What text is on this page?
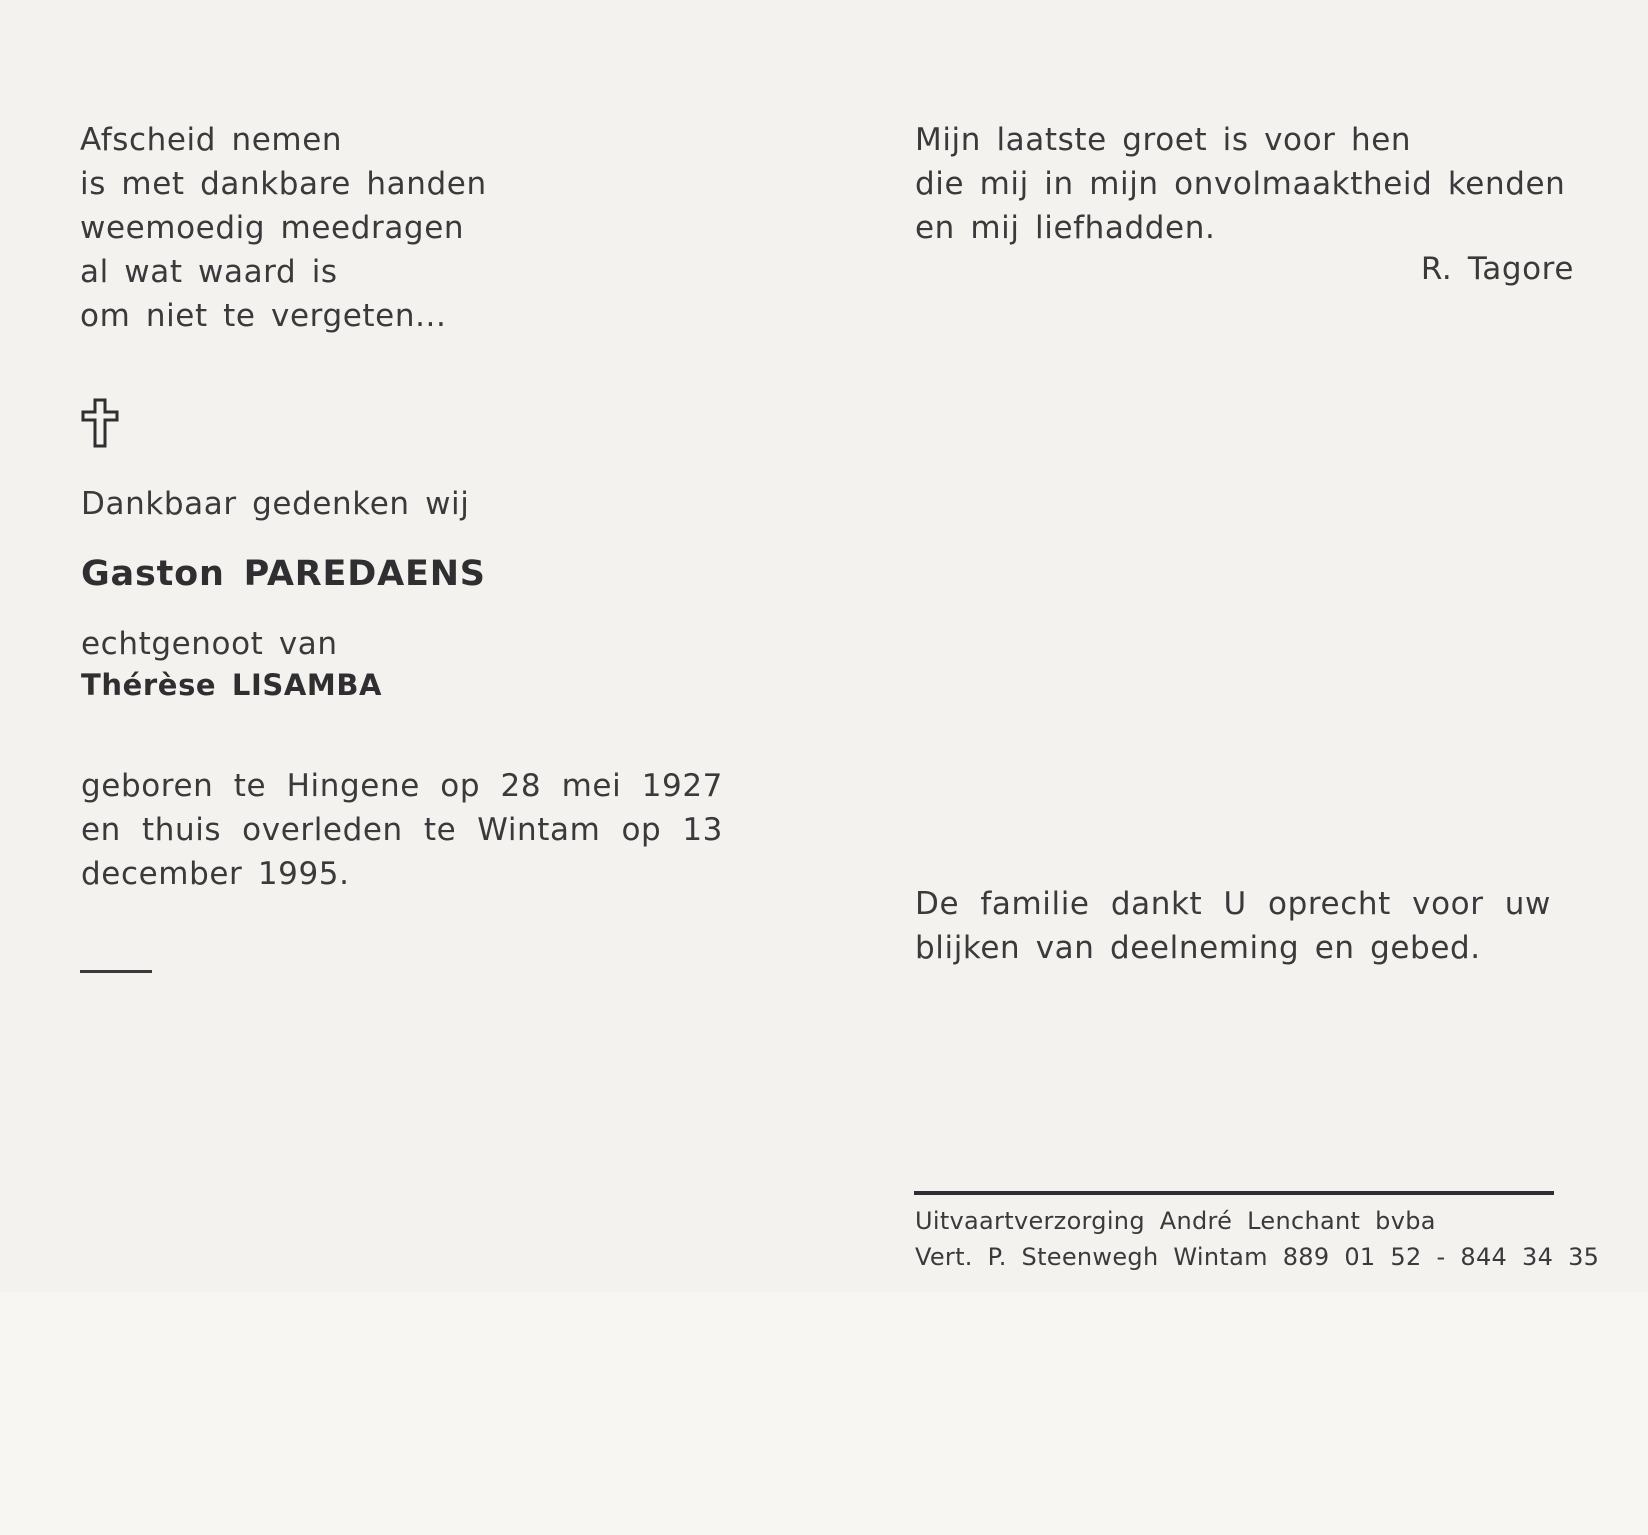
Afscheid nemen
is met dankbare handen
weemoedig meedragen
al wat waard is
om niet te vergeten...

Dankbaar gedenken wij

Gaston PAREDAENS

echtgenoot van

Thérèse LISAMBA

geboren te Hingene op 28 mei 1927
en thuis overleden te Wintam op 13
december 1995.

Mijn laatste groet is voor hen
die mij in mijn onvolmaaktheid kenden
en mij liefhadden.

R. Tagore

De familie dankt U oprecht voor uw
blijken van deelneming en gebed.

Uitvaartverzorging André Lenchant bvba
Vert. P. Steenwegh Wintam 889 01 52 - 844 34 35
